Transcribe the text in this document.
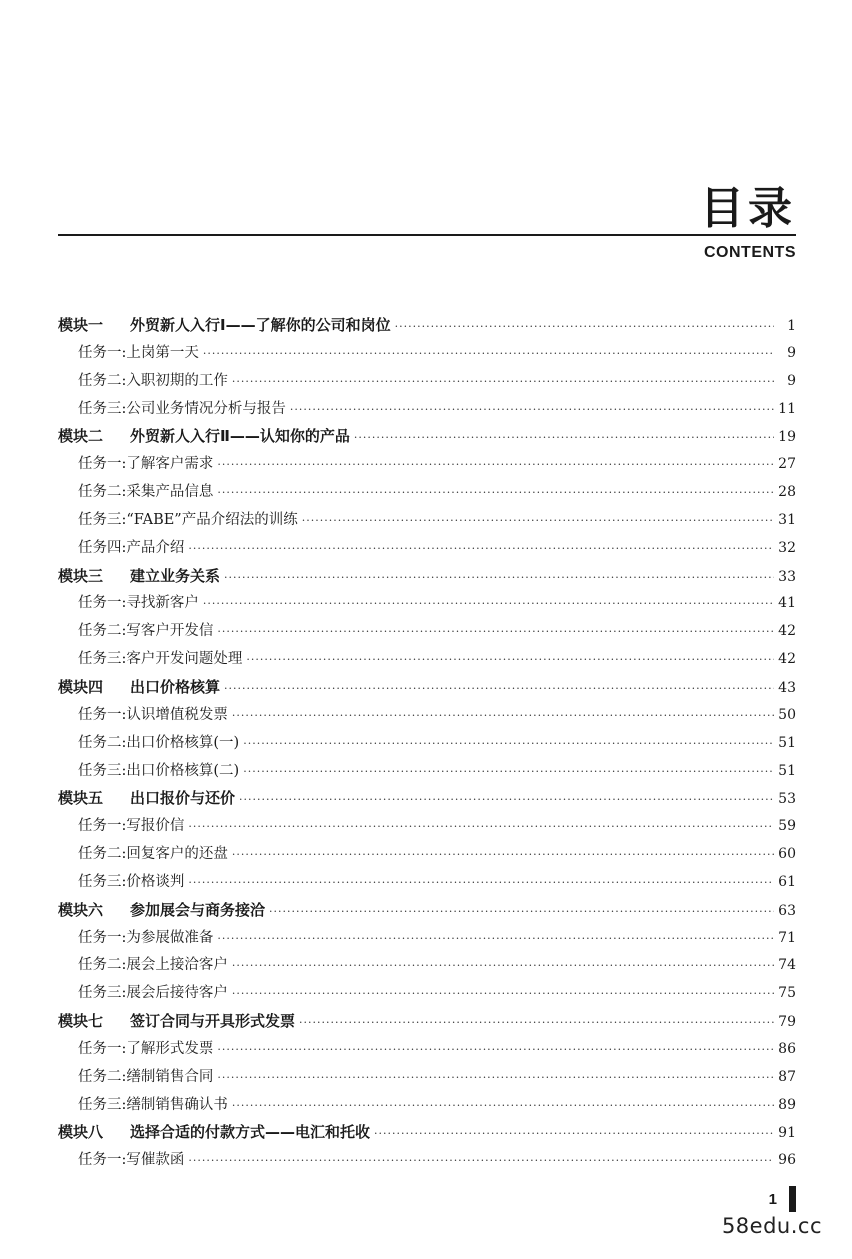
目录
CONTENTS
模块一 外贸新人入行Ⅰ——了解你的公司和岗位 ·····	1
任务一:上岗第一天 ·····	9
任务二:入职初期的工作 ·····	9
任务三:公司业务情况分析与报告 ·····	11
模块二 外贸新人入行Ⅱ——认知你的产品 ·····	19
任务一:了解客户需求 ·····	27
任务二:采集产品信息 ·····	28
任务三:“FABE”产品介绍法的训练 ·····	31
任务四:产品介绍 ·····	32
模块三 建立业务关系 ·····	33
任务一:寻找新客户 ·····	41
任务二:写客户开发信 ·····	42
任务三:客户开发问题处理 ·····	42
模块四 出口价格核算 ·····	43
任务一:认识增值税发票 ·····	50
任务二:出口价格核算(一) ·····	51
任务三:出口价格核算(二) ·····	51
模块五 出口报价与还价 ·····	53
任务一:写报价信 ·····	59
任务二:回复客户的还盘 ·····	60
任务三:价格谈判 ·····	61
模块六 参加展会与商务接洽 ·····	63
任务一:为参展做准备 ·····	71
任务二:展会上接洽客户 ·····	74
任务三:展会后接待客户 ·····	75
模块七 签订合同与开具形式发票 ·····	79
任务一:了解形式发票 ·····	86
任务二:缮制销售合同 ·····	87
任务三:缮制销售确认书 ·····	89
模块八 选择合适的付款方式——电汇和托收 ·····	91
任务一:写催款函 ·····	96
1
58edu.cc
